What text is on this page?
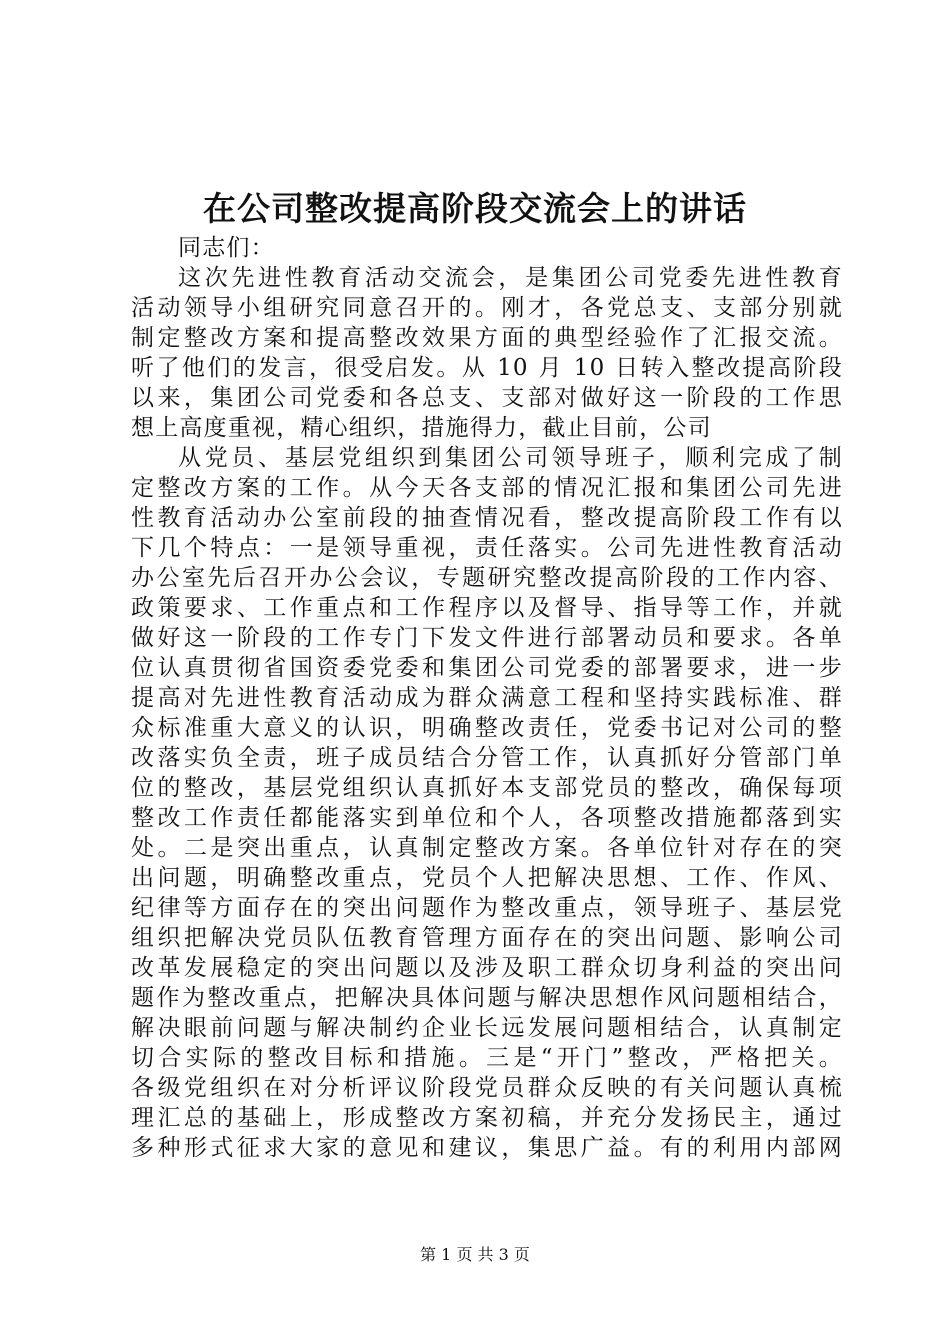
在公司整改提高阶段交流会上的讲话
同志们：
这次先进性教育活动交流会，是集团公司党委先进性教育
活动领导小组研究同意召开的。刚才，各党总支、支部分别就
制定整改方案和提高整改效果方面的典型经验作了汇报交流。
听了他们的发言，很受启发。从 10 月 10 日转入整改提高阶段
以来，集团公司党委和各总支、支部对做好这一阶段的工作思
想上高度重视，精心组织，措施得力，截止目前，公司
从党员、基层党组织到集团公司领导班子，顺利完成了制
定整改方案的工作。从今天各支部的情况汇报和集团公司先进
性教育活动办公室前段的抽查情况看，整改提高阶段工作有以
下几个特点：一是领导重视，责任落实。公司先进性教育活动
办公室先后召开办公会议，专题研究整改提高阶段的工作内容、
政策要求、工作重点和工作程序以及督导、指导等工作，并就
做好这一阶段的工作专门下发文件进行部署动员和要求。各单
位认真贯彻省国资委党委和集团公司党委的部署要求，进一步
提高对先进性教育活动成为群众满意工程和坚持实践标准、群
众标准重大意义的认识，明确整改责任，党委书记对公司的整
改落实负全责，班子成员结合分管工作，认真抓好分管部门单
位的整改，基层党组织认真抓好本支部党员的整改，确保每项
整改工作责任都能落实到单位和个人，各项整改措施都落到实
处。二是突出重点，认真制定整改方案。各单位针对存在的突
出问题，明确整改重点，党员个人把解决思想、工作、作风、
纪律等方面存在的突出问题作为整改重点，领导班子、基层党
组织把解决党员队伍教育管理方面存在的突出问题、影响公司
改革发展稳定的突出问题以及涉及职工群众切身利益的突出问
题作为整改重点，把解决具体问题与解决思想作风问题相结合，
解决眼前问题与解决制约企业长远发展问题相结合，认真制定
切合实际的整改目标和措施。三是“开门”整改，严格把关。
各级党组织在对分析评议阶段党员群众反映的有关问题认真梳
理汇总的基础上，形成整改方案初稿，并充分发扬民主，通过
多种形式征求大家的意见和建议，集思广益。有的利用内部网
第 1 页 共 3 页
